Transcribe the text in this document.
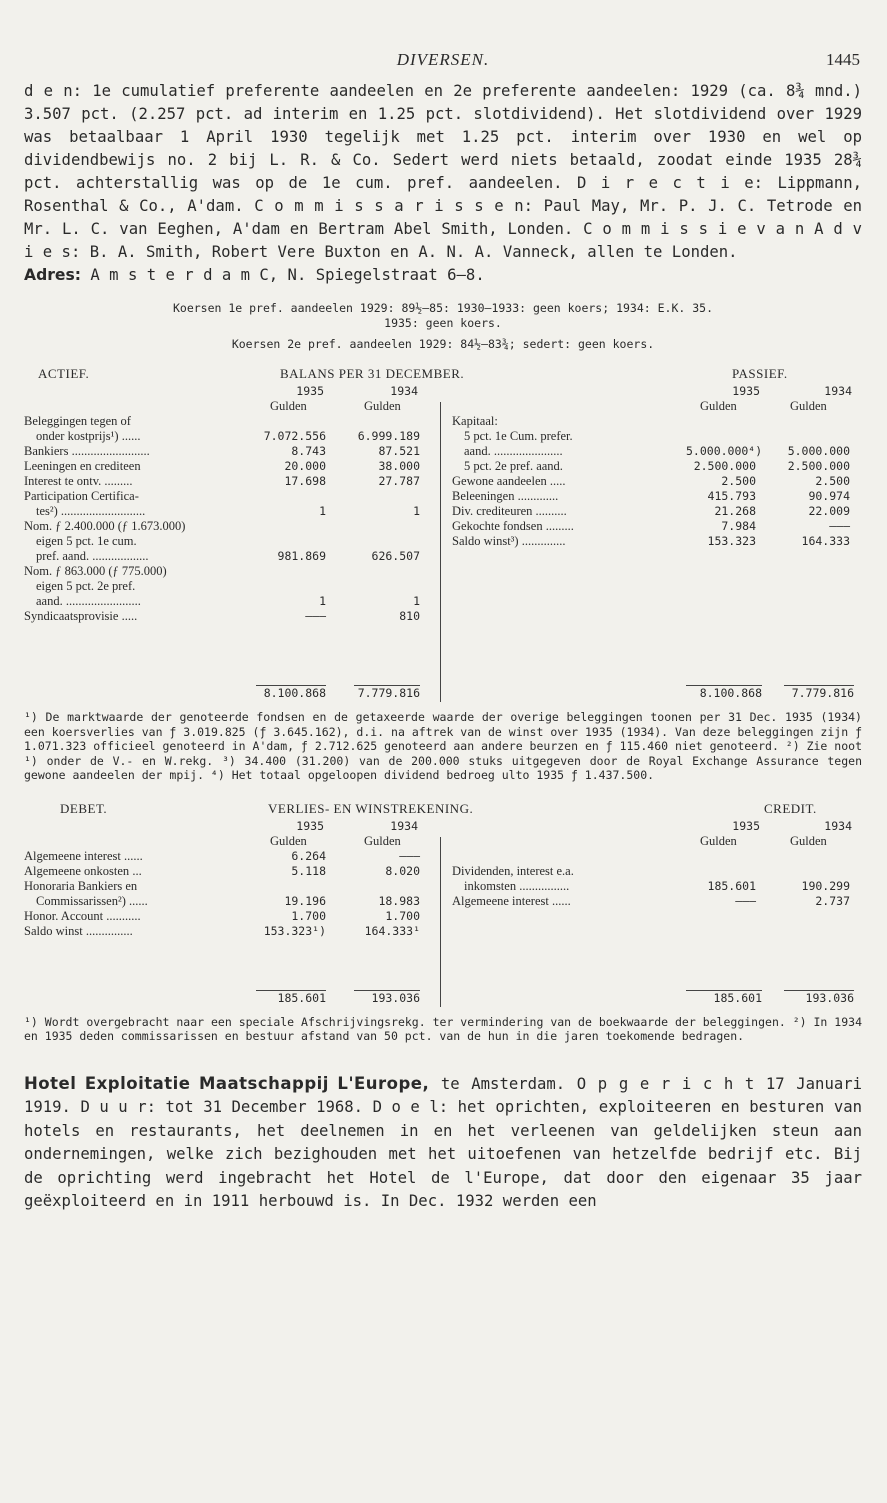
DIVERSEN.	1445

d e n: 1e cumulatief preferente aandeelen en 2e preferente aandeelen: 1929 (ca. 8¾ mnd.) 3.507 pct. (2.257 pct. ad interim en 1.25 pct. slotdividend). Het slotdividend over 1929 was betaalbaar 1 April 1930 tegelijk met 1.25 pct. interim over 1930 en wel op dividendbewijs no. 2 bij L. R. & Co. Sedert werd niets betaald, zoodat einde 1935 28¾ pct. achterstallig was op de 1e cum. pref. aandeelen. D i r e c t i e: Lippmann, Rosenthal & Co., A'dam. C o m m i s s a r i s s e n: Paul May, Mr. P. J. C. Tetrode en Mr. L. C. van Eeghen, A'dam en Bertram Abel Smith, Londen. C o m m i s s i e v a n A d v i e s: B. A. Smith, Robert Vere Buxton en A. N. A. Vanneck, allen te Londen.
Adres: A m s t e r d a m C, N. Spiegelstraat 6—8.

Koersen 1e pref. aandeelen 1929: 89½—85: 1930—1933: geen koers; 1934: E.K. 35.
1935: geen koers.

Koersen 2e pref. aandeelen 1929: 84½—83¾; sedert: geen koers.

ACTIEF.	BALANS PER 31 DECEMBER.	PASSIEF.
1935	1934	1935	1934
Gulden	Gulden	Gulden	Gulden
Beleggingen tegen of
onder kostprijs¹) ......	7.072.556	6.999.189
Bankiers .........................	8.743	87.521
Leeningen en crediteen	20.000	38.000
Interest te ontv. .........	17.698	27.787
Participation Certifica-
tes²) ...........................	1	1
Nom. ƒ 2.400.000 (ƒ 1.673.000)
eigen 5 pct. 1e cum.
pref. aand. ..................	981.869	626.507
Nom. ƒ 863.000 (ƒ 775.000)
eigen 5 pct. 2e pref.
aand. ........................	1	1
Syndicaatsprovisie .....	———	810
Kapitaal:
5 pct. 1e Cum. prefer.
aand. ......................	5.000.000⁴)	5.000.000
5 pct. 2e pref. aand.	2.500.000	2.500.000
Gewone aandeelen .....	2.500	2.500
Beleeningen .............	415.793	90.974
Div. crediteuren ..........	21.268	22.009
Gekochte fondsen .........	7.984	———
Saldo winst³) ..............	153.323	164.333
8.100.868	7.779.816	8.100.868	7.779.816

¹) De marktwaarde der genoteerde fondsen en de getaxeerde waarde der overige beleggingen toonen per 31 Dec. 1935 (1934) een koersverlies van ƒ 3.019.825 (ƒ 3.645.162), d.i. na aftrek van de winst over 1935 (1934). Van deze beleggingen zijn ƒ 1.071.323 officieel genoteerd in A'dam, ƒ 2.712.625 genoteerd aan andere beurzen en ƒ 115.460 niet genoteerd. ²) Zie noot ¹) onder de V.- en W.rekg. ³) 34.400 (31.200) van de 200.000 stuks uitgegeven door de Royal Exchange Assurance tegen gewone aandeelen der mpij. ⁴) Het totaal opgeloopen dividend bedroeg ulto 1935 ƒ 1.437.500.

DEBET.	VERLIES- EN WINSTREKENING.	CREDIT.
1935	1934	1935	1934
Gulden	Gulden	Gulden	Gulden
Algemeene interest ......	6.264	———
Algemeene onkosten ...	5.118	8.020
Honoraria Bankiers en
Commissarissen²) ......	19.196	18.983
Honor. Account ...........	1.700	1.700
Saldo winst ...............	153.323¹)	164.333¹
Dividenden, interest e.a.
inkomsten ................	185.601	190.299
Algemeene interest ......	———	2.737
185.601	193.036	185.601	193.036

¹) Wordt overgebracht naar een speciale Afschrijvingsrekg. ter vermindering van de boekwaarde der beleggingen. ²) In 1934 en 1935 deden commissarissen en bestuur afstand van 50 pct. van de hun in die jaren toekomende bedragen.

Hotel Exploitatie Maatschappij L'Europe, te Amsterdam. O p g e r i c h t 17 Januari 1919. D u u r: tot 31 December 1968. D o e l: het oprichten, exploiteeren en besturen van hotels en restaurants, het deelnemen in en het verleenen van geldelijken steun aan ondernemingen, welke zich bezighouden met het uitoefenen van hetzelfde bedrijf etc. Bij de oprichting werd ingebracht het Hotel de l'Europe, dat door den eigenaar 35 jaar geëxploiteerd en in 1911 herbouwd is. In Dec. 1932 werden een
